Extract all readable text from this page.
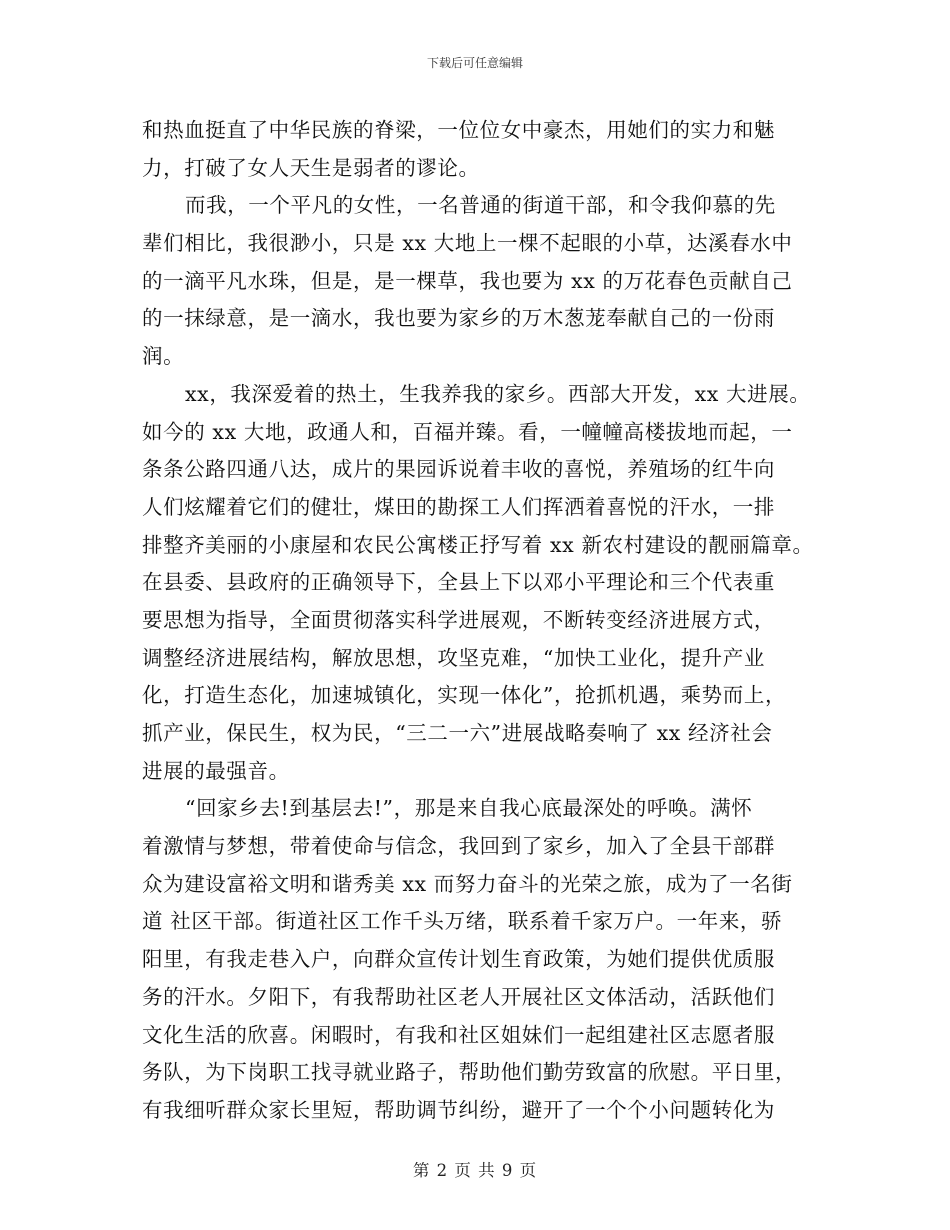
下载后可任意编辑
和热血挺直了中华民族的脊梁，一位位女中豪杰，用她们的实力和魅
力，打破了女人天生是弱者的谬论。
而我，一个平凡的女性，一名普通的街道干部，和令我仰慕的先
辈们相比，我很渺小，只是 xx 大地上一棵不起眼的小草，达溪春水中
的一滴平凡水珠，但是，是一棵草，我也要为 xx 的万花春色贡献自己
的一抹绿意，是一滴水，我也要为家乡的万木葱茏奉献自己的一份雨
润。
xx，我深爱着的热土，生我养我的家乡。西部大开发，xx 大进展。
如今的 xx 大地，政通人和，百福并臻。看，一幢幢高楼拔地而起，一
条条公路四通八达，成片的果园诉说着丰收的喜悦，养殖场的红牛向
人们炫耀着它们的健壮，煤田的勘探工人们挥洒着喜悦的汗水，一排
排整齐美丽的小康屋和农民公寓楼正抒写着 xx 新农村建设的靓丽篇章。
在县委、县政府的正确领导下，全县上下以邓小平理论和三个代表重
要思想为指导，全面贯彻落实科学进展观，不断转变经济进展方式，
调整经济进展结构，解放思想，攻坚克难，“加快工业化，提升产业
化，打造生态化，加速城镇化，实现一体化”，抢抓机遇，乘势而上，
抓产业，保民生，权为民，“三二一六”进展战略奏响了 xx 经济社会
进展的最强音。
“回家乡去!到基层去!”，那是来自我心底最深处的呼唤。满怀
着激情与梦想，带着使命与信念，我回到了家乡，加入了全县干部群
众为建设富裕文明和谐秀美 xx 而努力奋斗的光荣之旅，成为了一名街
道 社区干部。街道社区工作千头万绪，联系着千家万户。一年来，骄
阳里，有我走巷入户，向群众宣传计划生育政策，为她们提供优质服
务的汗水。夕阳下，有我帮助社区老人开展社区文体活动，活跃他们
文化生活的欣喜。闲暇时，有我和社区姐妹们一起组建社区志愿者服
务队，为下岗职工找寻就业路子，帮助他们勤劳致富的欣慰。平日里，
有我细听群众家长里短，帮助调节纠纷，避开了一个个小问题转化为
第 2 页 共 9 页
